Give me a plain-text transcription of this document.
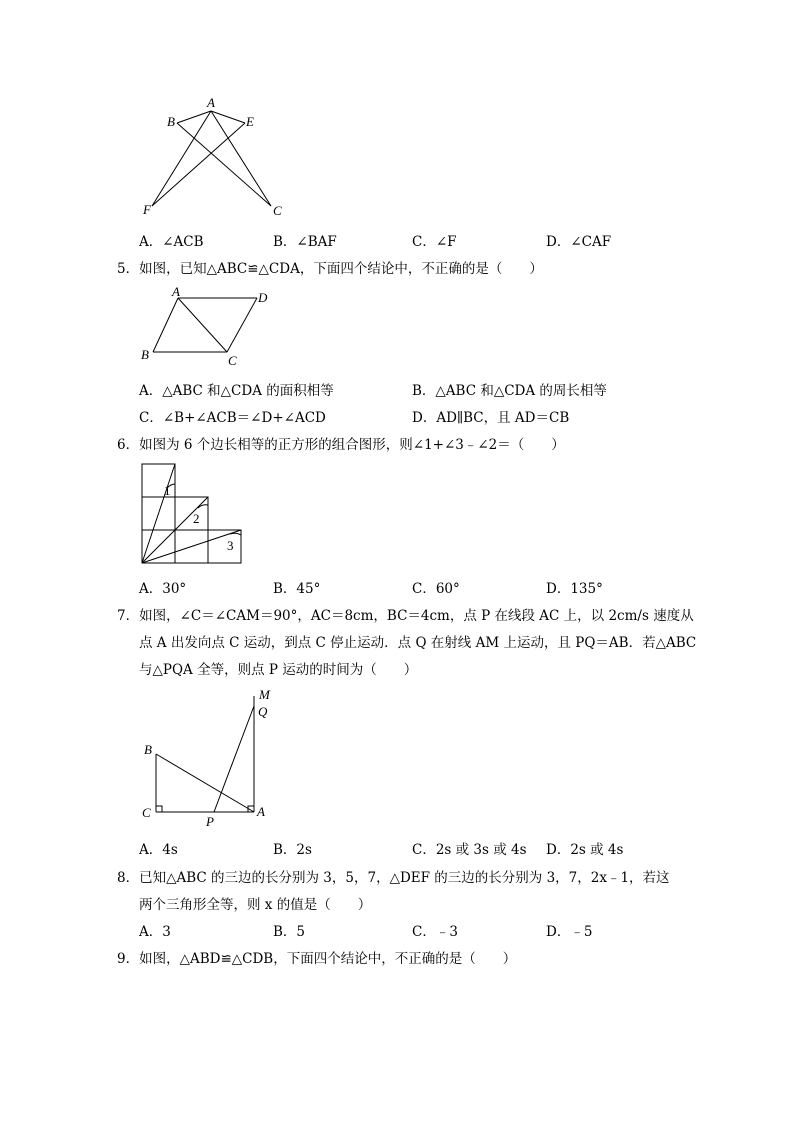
A
B	E
F	C
A．∠ACB	B．∠BAF	C．∠F	D．∠CAF
5．如图，已知△ABC≌△CDA，下面四个结论中，不正确的是（　　）
A	D
B	C
A．△ABC 和△CDA 的面积相等	B．△ABC 和△CDA 的周长相等
C．∠B+∠ACB＝∠D+∠ACD	D．AD∥BC，且 AD＝CB
6．如图为 6 个边长相等的正方形的组合图形，则∠1+∠3﹣∠2＝（　　）
1
2
3
A．30°	B．45°	C．60°	D．135°
7．如图，∠C＝∠CAM＝90°，AC＝8cm，BC＝4cm，点 P 在线段 AC 上，以 2cm/s 速度从
点 A 出发向点 C 运动，到点 C 停止运动．点 Q 在射线 AM 上运动，且 PQ＝AB．若△ABC
与△PQA 全等，则点 P 运动的时间为（　　）
M
Q
B
C
P
A
A．4s	B．2s	C．2s 或 3s 或 4s D．2s 或 4s
8．已知△ABC 的三边的长分别为 3，5，7，△DEF 的三边的长分别为 3，7，2x﹣1，若这
两个三角形全等，则 x 的值是（　　）
A．3	B．5	C．﹣3	D．﹣5
9．如图，△ABD≌△CDB，下面四个结论中，不正确的是（　　）
